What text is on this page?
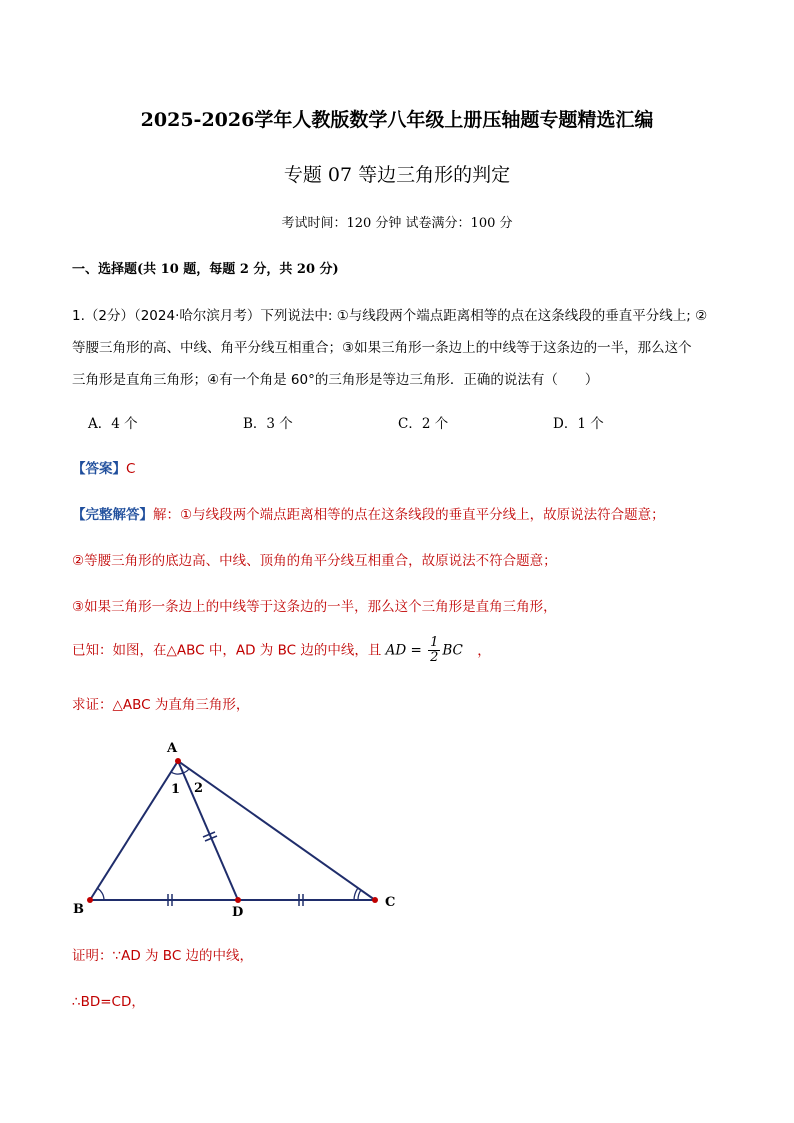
2025-2026学年人教版数学八年级上册压轴题专题精选汇编
专题 07 等边三角形的判定
考试时间：120 分钟 试卷满分：100 分
一、选择题(共 10 题，每题 2 分，共 20 分)
1.（2分）（2024·哈尔滨月考）下列说法中: ①与线段两个端点距离相等的点在这条线段的垂直平分线上; ②
等腰三角形的高、中线、角平分线互相重合；③如果三角形一条边上的中线等于这条边的一半，那么这个
三角形是直角三角形；④有一个角是 60°的三角形是等边三角形．正确的说法有（　　）
A．4 个	B．3 个	C．2 个	D．1 个
【答案】C
【完整解答】解：①与线段两个端点距离相等的点在这条线段的垂直平分线上，故原说法符合题意；
②等腰三角形的底边高、中线、顶角的角平分线互相重合，故原说法不符合题意；
③如果三角形一条边上的中线等于这条边的一半，那么这个三角形是直角三角形，
已知：如图，在△ABC 中，AD 为 BC 边的中线，且 AD = $\frac{1}{2}$ BC ，
求证：△ABC 为直角三角形，
A
B	D
C
1 2
证明：∵AD 为 BC 边的中线，
∴BD=CD，
